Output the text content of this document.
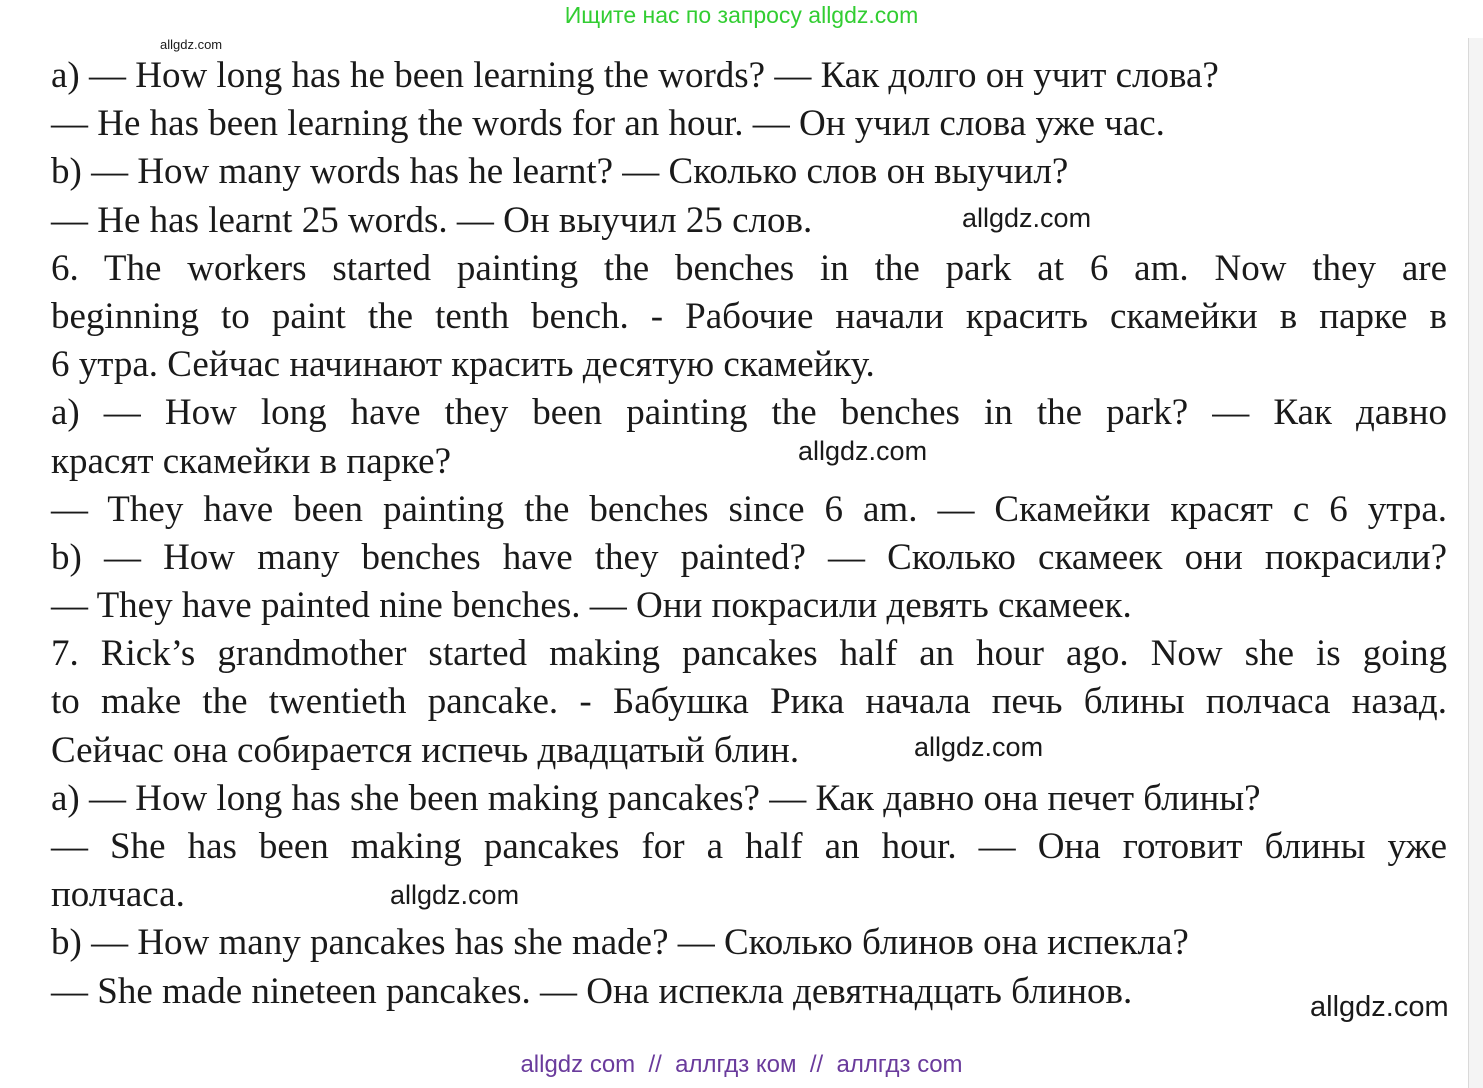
Ищите нас по запросу allgdz.com
allgdz.com
a) — How long has he been learning the words? — Как долго он учит слова?
— He has been learning the words for an hour. — Он учил слова уже час.
b) — How many words has he learnt? — Сколько слов он выучил?
— He has learnt 25 words. — Он выучил 25 слов.
6. The workers started painting the benches in the park at 6 am. Now they are
beginning to paint the tenth bench. - Рабочие начали красить скамейки в парке в
6 утра. Сейчас начинают красить десятую скамейку.
a) — How long have they been painting the benches in the park? — Как давно
красят скамейки в парке?
— They have been painting the benches since 6 am. — Скамейки красят с 6 утра.
b) — How many benches have they painted? — Сколько скамеек они покрасили?
— They have painted nine benches. — Они покрасили девять скамеек.
7. Rick’s grandmother started making pancakes half an hour ago. Now she is going
to make the twentieth pancake. - Бабушка Рика начала печь блины полчаса назад.
Сейчас она собирается испечь двадцатый блин.
a) — How long has she been making pancakes? — Как давно она печет блины?
— She has been making pancakes for a half an hour. — Она готовит блины уже
полчаса.
b) — How many pancakes has she made? — Сколько блинов она испекла?
— She made nineteen pancakes. — Она испекла девятнадцать блинов.
allgdz.com
allgdz.com
allgdz.com
allgdz.com
allgdz.com
allgdz com  //  аллгдз ком  //  аллгдз com
